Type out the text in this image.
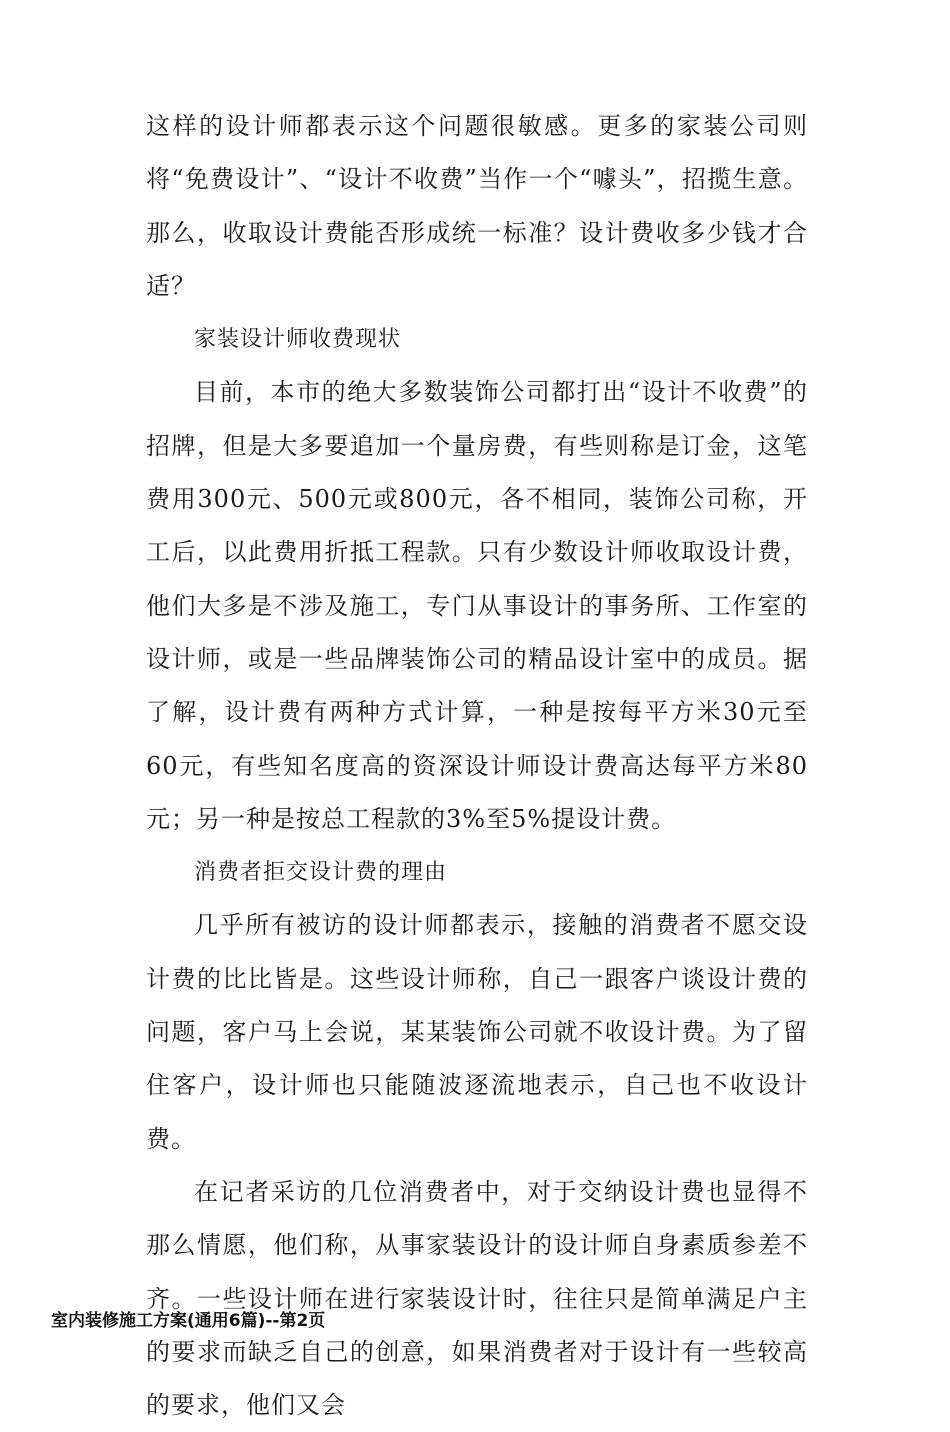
这样的设计师都表示这个问题很敏感。更多的家装公司则将“免费设计”、“设计不收费”当作一个“噱头”，招揽生意。那么，收取设计费能否形成统一标准？设计费收多少钱才合适？

家装设计师收费现状

目前，本市的绝大多数装饰公司都打出“设计不收费”的招牌，但是大多要追加一个量房费，有些则称是订金，这笔费用300元、500元或800元，各不相同，装饰公司称，开工后，以此费用折抵工程款。只有少数设计师收取设计费，他们大多是不涉及施工，专门从事设计的事务所、工作室的设计师，或是一些品牌装饰公司的精品设计室中的成员。据了解，设计费有两种方式计算，一种是按每平方米30元至60元，有些知名度高的资深设计师设计费高达每平方米80元；另一种是按总工程款的3%至5%提设计费。

消费者拒交设计费的理由

几乎所有被访的设计师都表示，接触的消费者不愿交设计费的比比皆是。这些设计师称，自己一跟客户谈设计费的问题，客户马上会说，某某装饰公司就不收设计费。为了留住客户，设计师也只能随波逐流地表示，自己也不收设计费。

在记者采访的几位消费者中，对于交纳设计费也显得不那么情愿，他们称，从事家装设计的设计师自身素质参差不齐。一些设计师在进行家装设计时，往往只是简单满足户主的要求而缺乏自己的创意，如果消费者对于设计有一些较高的要求，他们又会

室内装修施工方案(通用6篇)--第2页
